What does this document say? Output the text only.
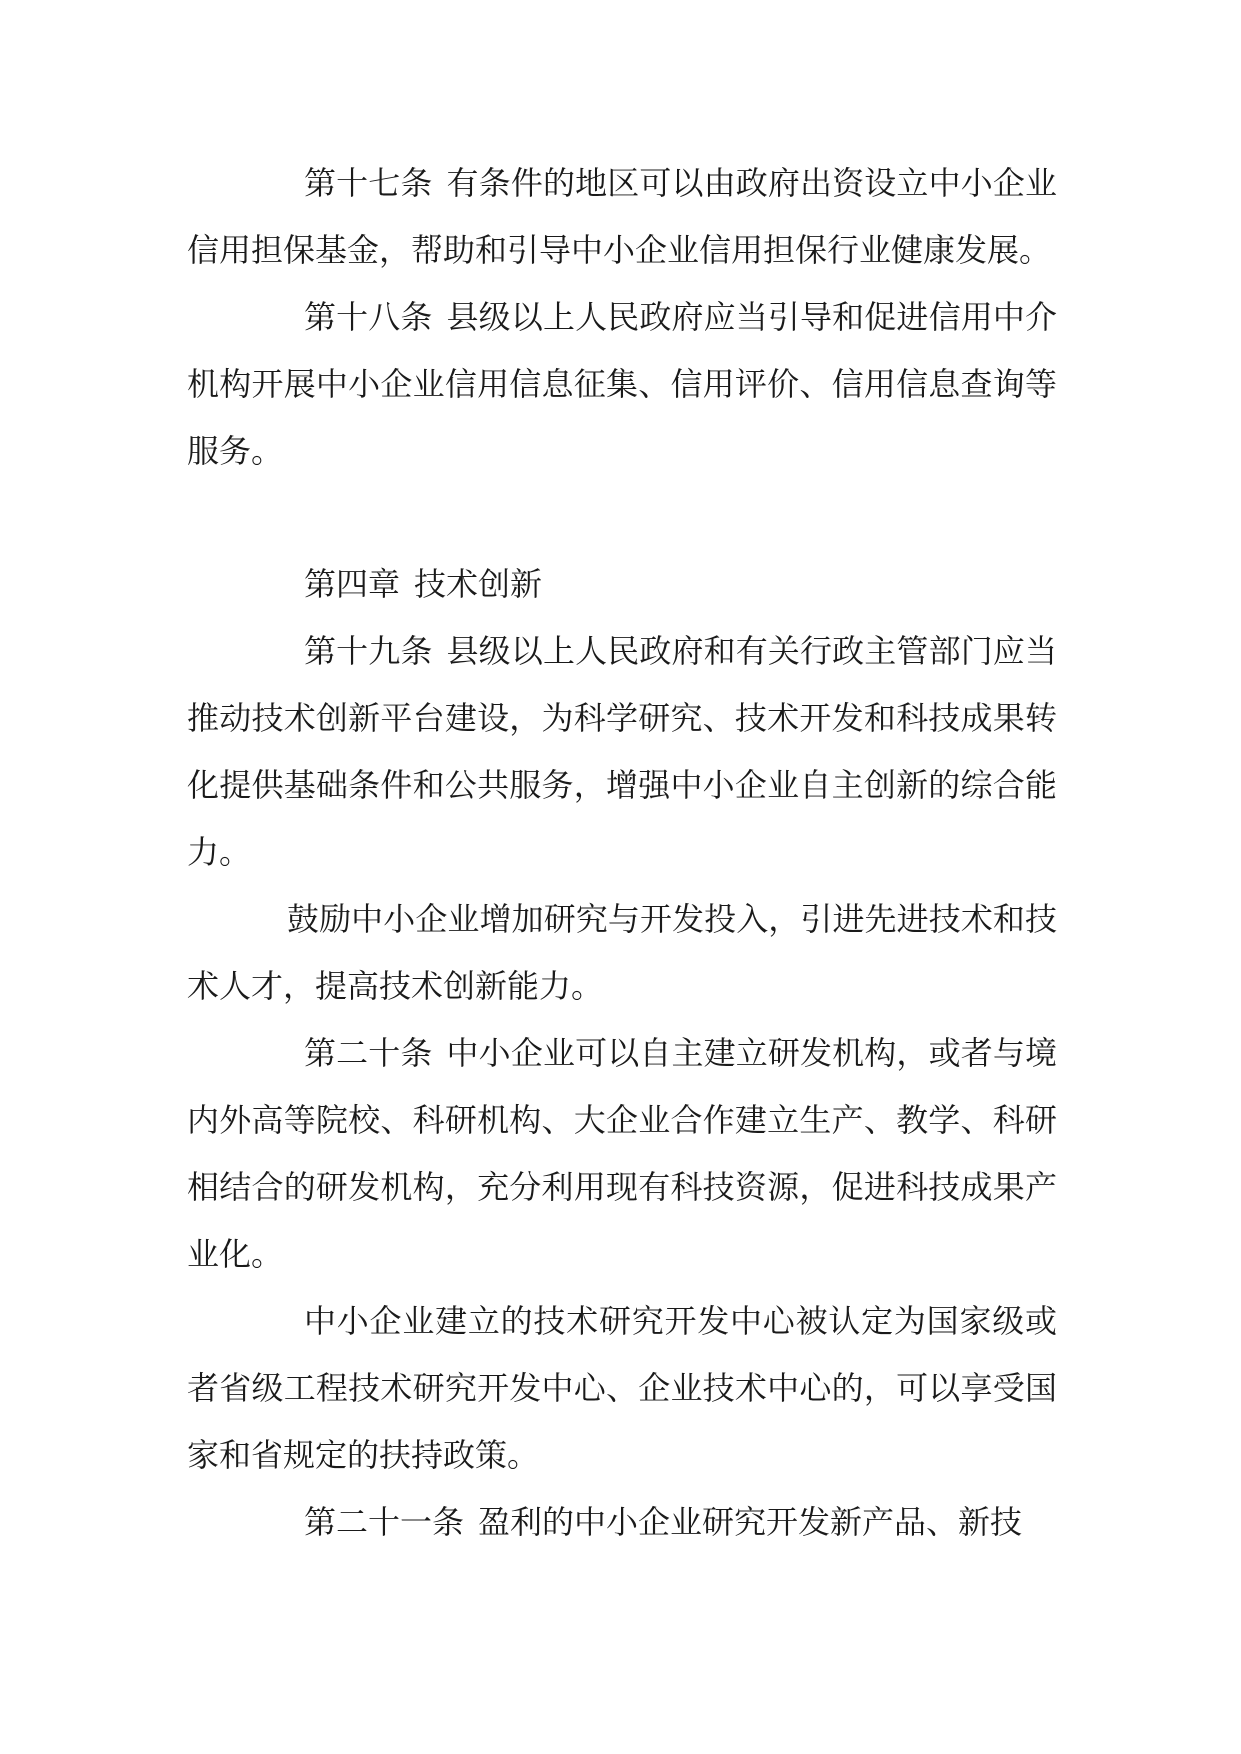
第十七条 有条件的地区可以由政府出资设立中小企业信用担保基金，帮助和引导中小企业信用担保行业健康发展。

第十八条 县级以上人民政府应当引导和促进信用中介机构开展中小企业信用信息征集、信用评价、信用信息查询等服务。

第四章 技术创新

第十九条 县级以上人民政府和有关行政主管部门应当推动技术创新平台建设，为科学研究、技术开发和科技成果转化提供基础条件和公共服务，增强中小企业自主创新的综合能力。

鼓励中小企业增加研究与开发投入，引进先进技术和技术人才，提高技术创新能力。

第二十条 中小企业可以自主建立研发机构，或者与境内外高等院校、科研机构、大企业合作建立生产、教学、科研相结合的研发机构，充分利用现有科技资源，促进科技成果产业化。

中小企业建立的技术研究开发中心被认定为国家级或者省级工程技术研究开发中心、企业技术中心的，可以享受国家和省规定的扶持政策。

第二十一条 盈利的中小企业研究开发新产品、新技
